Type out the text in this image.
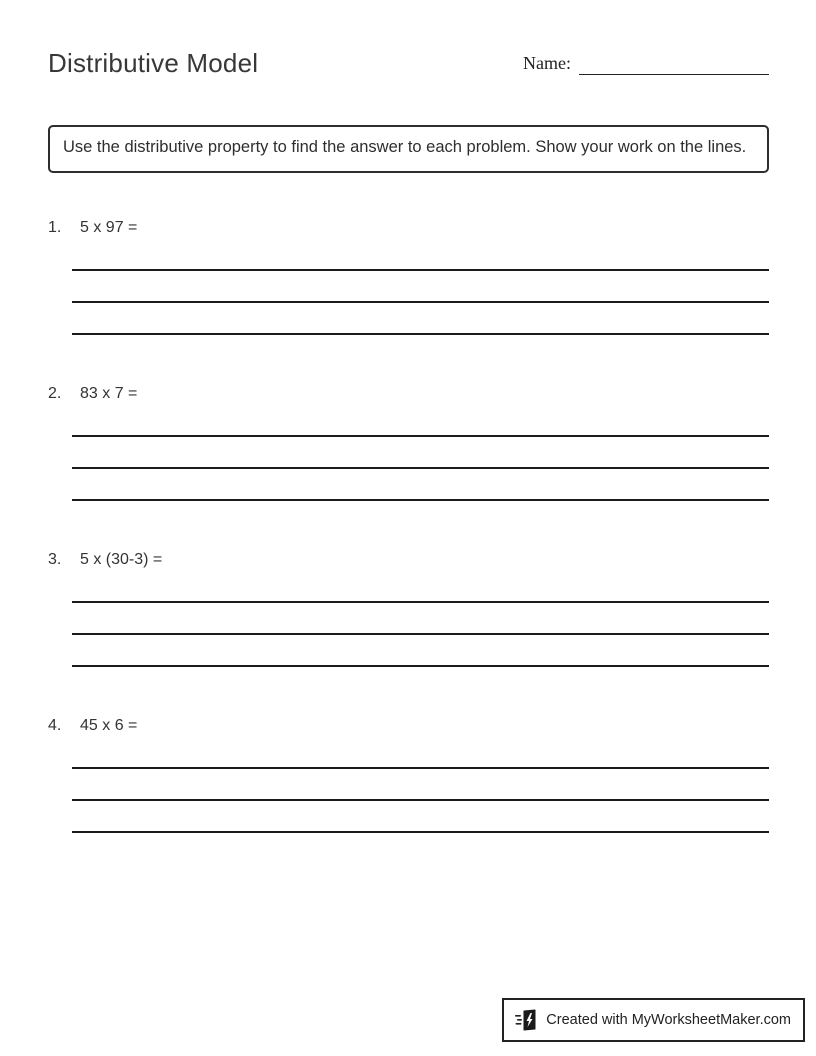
Distributive Model	Name:
Use the distributive property to find the answer to each problem. Show your work on the lines.
1.	5 x 97 =
2.	83 x 7 =
3.	5 x (30-3) =
4.	45 x 6 =
Created with MyWorksheetMaker.com
